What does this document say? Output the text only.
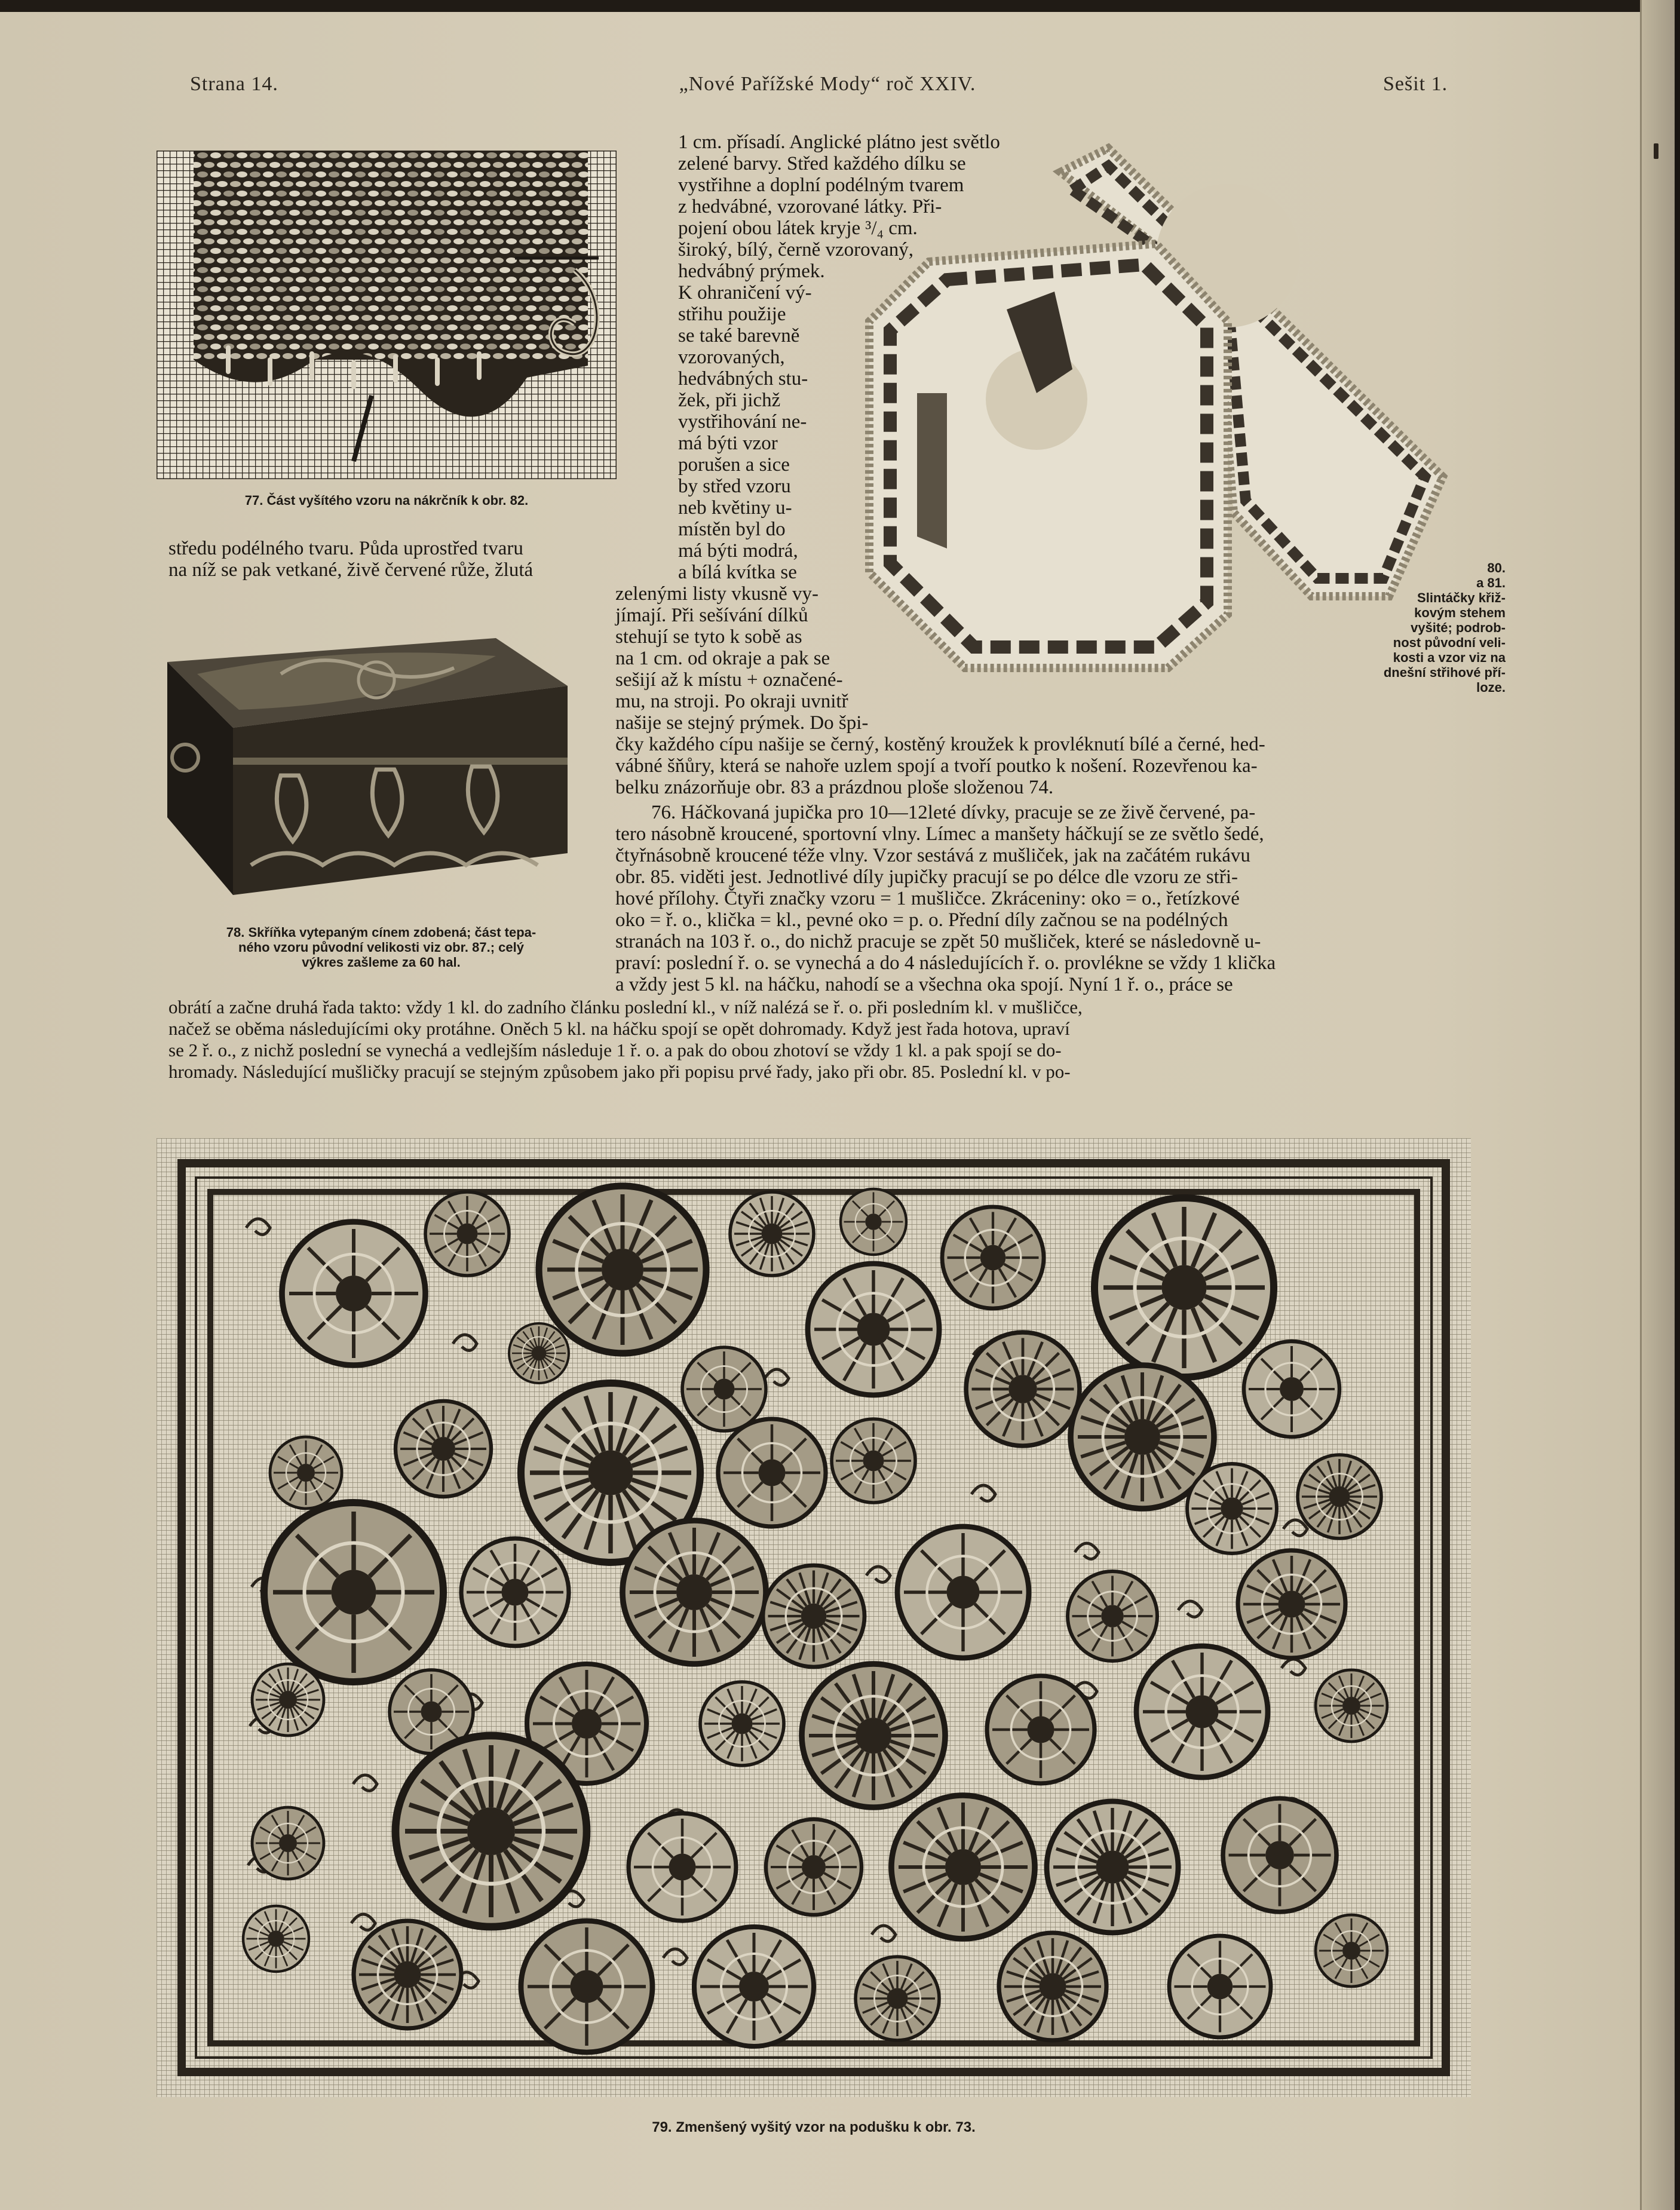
Strana 14.	„Nové Pařížské Mody“ roč XXIV.	Sešit 1.
77. Část vyšítého vzoru na nákrčník k obr. 82.
78. Skříňka vytepaným cínem zdobená; část tepa-
ného vzoru původní velikosti viz obr. 87.; celý
výkres zašleme za 60 hal.
80.
a 81.
Slintáčky křiž-
kovým stehem
vyšité; podrob-
nost původní veli-
kosti a vzor viz na
dnešní střihové pří-
loze.
1 cm. přísadí. Anglické plátno jest světlo
zelené barvy. Střed každého dílku se
vystřihne a doplní podélným tvarem
z hedvábné, vzorované látky. Při-
pojení obou látek kryje ³/₄ cm.
široký, bílý, černě vzorovaný,
hedvábný prýmek.
K ohraničení vý-
střihu použije
se také barevně
vzorovaných,
hedvábných stu-
žek, při jichž
vystřihování ne-
má býti vzor
porušen a sice
by střed vzoru
neb květiny u-
místěn byl do
středu podélného tvaru. Půda uprostřed tvaru
na níž se pak vetkané, živě červené růže, žlutá
má býti modrá,
a bílá kvítka se
zelenými listy vkusně vy-
jímají. Při sešívání dílků
stehují se tyto k sobě as
na 1 cm. od okraje a pak se
sešijí až k místu + označené-
mu, na stroji. Po okraji uvnitř
našije se stejný prýmek. Do špi-
čky každého cípu našije se černý, kostěný kroužek k provléknutí bílé a černé, hed-
vábné šňůry, která se nahoře uzlem spojí a tvoří poutko k nošení. Rozevřenou ka-
belku znázorňuje obr. 83 a prázdnou ploše složenou 74.
76. Háčkovaná jupička pro 10—12leté dívky, pracuje se ze živě červené, pa-
tero násobně kroucené, sportovní vlny. Límec a manšety háčkují se ze světlo šedé,
čtyřnásobně kroucené téže vlny. Vzor sestává z mušliček, jak na začátém rukávu
obr. 85. viděti jest. Jednotlivé díly jupičky pracují se po délce dle vzoru ze stři-
hové přílohy. Čtyři značky vzoru = 1 mušličce. Zkráceniny: oko = o., řetízkové
oko = ř. o., klička = kl., pevné oko = p. o. Přední díly začnou se na podélných
stranách na 103 ř. o., do nichž pracuje se zpět 50 mušliček, které se následovně u-
praví: poslední ř. o. se vynechá a do 4 následujících ř. o. provlékne se vždy 1 klička
a vždy jest 5 kl. na háčku, nahodí se a všechna oka spojí. Nyní 1 ř. o., práce se
obrátí a začne druhá řada takto: vždy 1 kl. do zadního článku poslední kl., v níž nalézá se ř. o. při posledním kl. v mušličce,
načež se oběma následujícími oky protáhne. Oněch 5 kl. na háčku spojí se opět dohromady. Když jest řada hotova, upraví
se 2 ř. o., z nichž poslední se vynechá a vedlejším následuje 1 ř. o. a pak do obou zhotoví se vždy 1 kl. a pak spojí se do-
hromady. Následující mušličky pracují se stejným způsobem jako při popisu prvé řady, jako při obr. 85. Poslední kl. v po-
79. Zmenšený vyšitý vzor na podušku k obr. 73.
